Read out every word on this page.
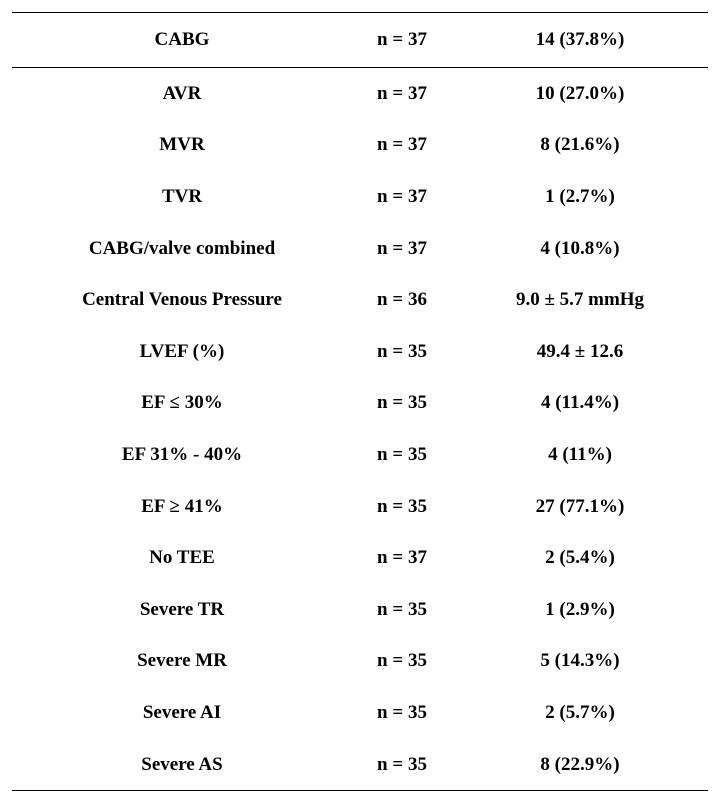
CABG	n = 37	14 (37.8%)
AVR	n = 37	10 (27.0%)
MVR	n = 37	8 (21.6%)
TVR	n = 37	1 (2.7%)
CABG/valve combined	n = 37	4 (10.8%)
Central Venous Pressure	n = 36	9.0 ± 5.7 mmHg
LVEF (%)	n = 35	49.4 ± 12.6
EF ≤ 30%	n = 35	4 (11.4%)
EF 31% - 40%	n = 35	4 (11%)
EF ≥ 41%	n = 35	27 (77.1%)
No TEE	n = 37	2 (5.4%)
Severe TR	n = 35	1 (2.9%)
Severe MR	n = 35	5 (14.3%)
Severe AI	n = 35	2 (5.7%)
Severe AS	n = 35	8 (22.9%)
